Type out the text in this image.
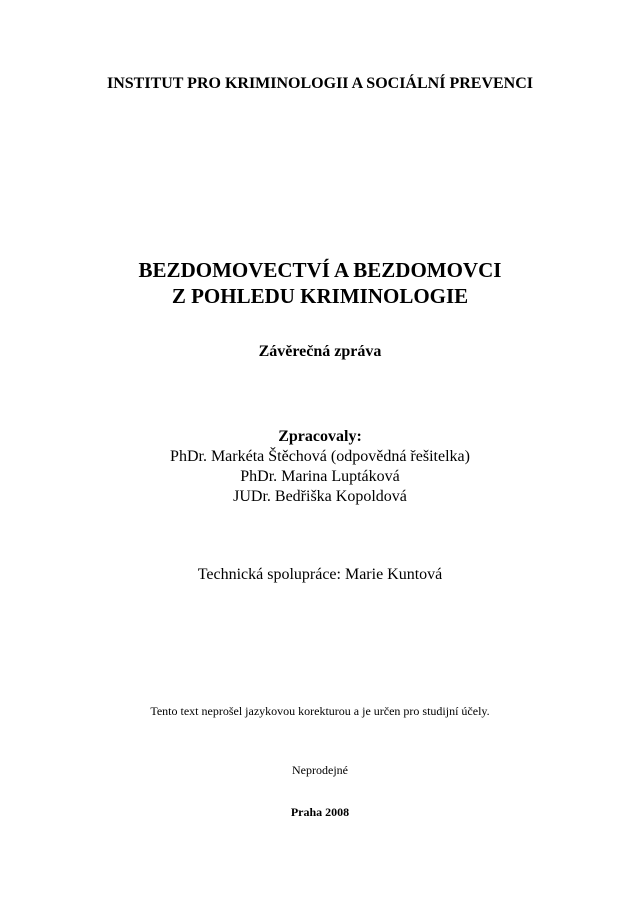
INSTITUT PRO KRIMINOLOGII A SOCIÁLNÍ PREVENCI

BEZDOMOVECTVÍ A BEZDOMOVCI

Z POHLEDU KRIMINOLOGIE

Závěrečná zpráva

Zpracovaly:

PhDr. Markéta Štěchová (odpovědná řešitelka)

PhDr. Marina Luptáková

JUDr. Bedřiška Kopoldová

Technická spolupráce: Marie Kuntová

Tento text neprošel jazykovou korekturou a je určen pro studijní účely.

Neprodejné

Praha 2008
